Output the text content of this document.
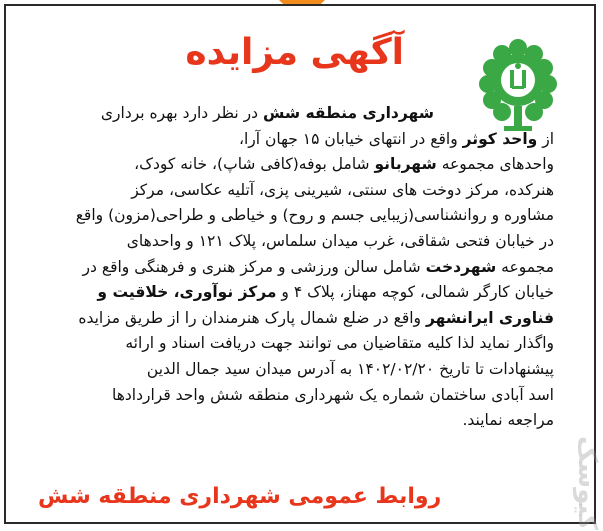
آگهی مزایده
شهرداری منطقه شش در نظر دارد بهره برداری
از واحد کوثر واقع در انتهای خیابان ۱۵ جهان آرا،
واحدهای مجموعه شهربانو شامل بوفه(کافی شاپ)، خانه کودک،
هنرکده، مرکز دوخت های سنتی، شیرینی پزی، آتلیه عکاسی، مرکز
مشاوره و روانشناسی(زیبایی جسم و روح) و خیاطی و طراحی(مزون) واقع
در خیابان فتحی شقاقی، غرب میدان سلماس، پلاک ۱۲۱ و واحدهای
مجموعه شهردخت شامل سالن ورزشی و مرکز هنری و فرهنگی واقع در
خیابان کارگر شمالی، کوچه مهناز، پلاک ۴ و مرکز نوآوری، خلاقیت و
فناوری ایرانشهر واقع در ضلع شمال پارک هنرمندان را از طریق مزایده
واگذار نماید لذا کلیه متقاضیان می توانند جهت دریافت اسناد و ارائه
پیشنهادات تا تاریخ ۱۴۰۲/۰۲/۲۰ به آدرس میدان سید جمال الدین
اسد آبادی ساختمان شماره یک شهرداری منطقه شش واحد قراردادها
مراجعه نمایند.
روابط عمومی شهرداری منطقه شش	کیوسک
